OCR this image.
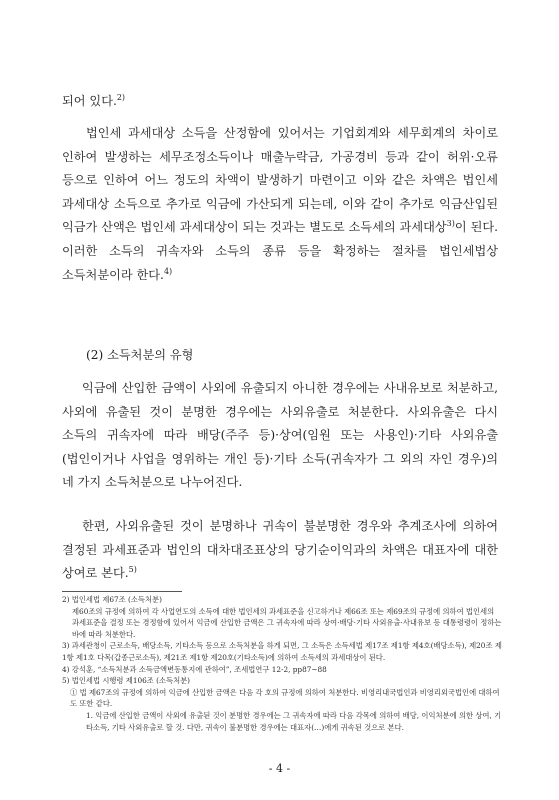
되어 있다.$^{2)}$

법인세 과세대상 소득을 산정함에 있어서는 기업회계와 세무회계의 차이로 인하여 발생하는 세무조정소득이나 매출누락금, 가공경비 등과 같이 허위·오류 등으로 인하여 어느 정도의 차액이 발생하기 마련이고 이와 같은 차액은 법인세 과세대상 소득으로 추가로 익금에 가산되게 되는데, 이와 같이 추가로 익금산입된 익금가 산액은 법인세 과세대상이 되는 것과는 별도로 소득세의 과세대상$^{3)}$이 된다. 이러한 소득의 귀속자와 소득의 종류 등을 확정하는 절차를 법인세법상 소득처분이라 한다.$^{4)}$

(2) 소득처분의 유형

익금에 산입한 금액이 사외에 유출되지 아니한 경우에는 사내유보로 처분하고, 사외에 유출된 것이 분명한 경우에는 사외유출로 처분한다. 사외유출은 다시 소득의 귀속자에 따라 배당(주주 등)·상여(임원 또는 사용인)·기타 사외유출(법인이거나 사업을 영위하는 개인 등)·기타 소득(귀속자가 그 외의 자인 경우)의 네 가지 소득처분으로 나누어진다.

한편, 사외유출된 것이 분명하나 귀속이 불분명한 경우와 추계조사에 의하여 결정된 과세표준과 법인의 대차대조표상의 당기순이익과의 차액은 대표자에 대한 상여로 본다.$^{5)}$

2) 법인세법 제67조 (소득처분)

제60조의 규정에 의하여 각 사업연도의 소득에 대한 법인세의 과세표준을 신고하거나 제66조 또는 제69조의 규정에 의하여 법인세의 과세표준을 결정 또는 경정함에 있어서 익금에 산입한 금액은 그 귀속자에 따라 상여·배당·기타 사외유출·사내유보 등 대통령령이 정하는 바에 따라 처분한다.

3) 과세관청이 근로소득, 배당소득, 기타소득 등으로 소득처분을 하게 되면, 그 소득은 소득세법 제17조 제1항 제4호(배당소득), 제20조 제1항 제1호 다목(갑종근로소득), 제21조 제1항 제20호(기타소득)에 의하여 소득세의 과세대상이 된다.

4) 강석훈, “소득처분과 소득금액변동통지에 관하여”, 조세법연구 12-2, pp87~88

5) 법인세법 시행령 제106조 (소득처분)

① 법 제67조의 규정에 의하여 익금에 산입한 금액은 다음 각 호의 규정에 의하여 처분한다. 비영리내국법인과 비영리외국법인에 대하여도 또한 같다.

1. 익금에 산입한 금액이 사외에 유출된 것이 분명한 경우에는 그 귀속자에 따라 다음 각목에 의하여 배당, 이익처분에 의한 상여, 기타소득, 기타 사외유출로 할 것. 다만, 귀속이 불분명한 경우에는 대표자(…)에게 귀속된 것으로 본다.

- 4 -
